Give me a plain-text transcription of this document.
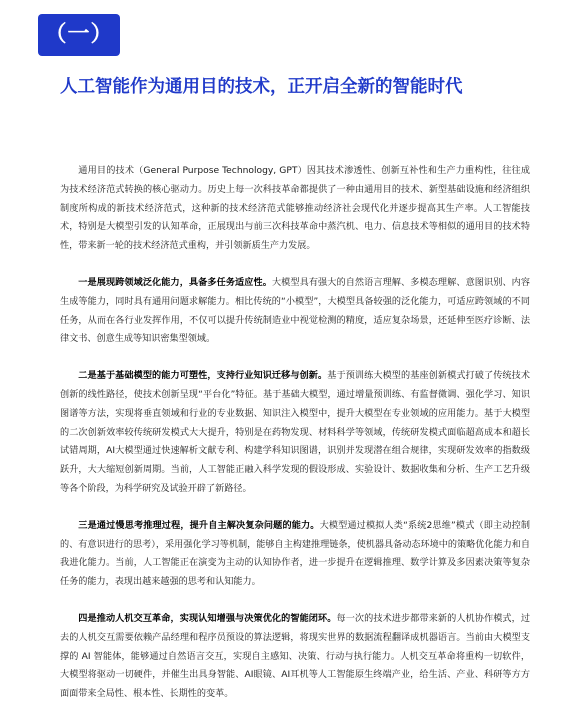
（一）
人工智能作为通用目的技术，正开启全新的智能时代

通用目的技术（General Purpose Technology, GPT）因其技术渗透性、创新互补性和生产力重构性，往往成为技术经济范式转换的核心驱动力。历史上每一次科技革命都提供了一种由通用目的技术、新型基础设施和经济组织制度所构成的新技术经济范式，这种新的技术经济范式能够推动经济社会现代化并逐步提高其生产率。人工智能技术，特别是大模型引发的认知革命，正展现出与前三次科技革命中蒸汽机、电力、信息技术等相似的通用目的技术特性，带来新一轮的技术经济范式重构，并引领新质生产力发展。

一是展现跨领域泛化能力，具备多任务适应性。大模型具有强大的自然语言理解、多模态理解、意图识别、内容生成等能力，同时具有通用问题求解能力。相比传统的“小模型”，大模型具备较强的泛化能力，可适应跨领域的不同任务，从而在各行业发挥作用，不仅可以提升传统制造业中视觉检测的精度，适应复杂场景，还延伸至医疗诊断、法律文书、创意生成等知识密集型领域。

二是基于基础模型的能力可塑性，支持行业知识迁移与创新。基于预训练大模型的基座创新模式打破了传统技术创新的线性路径，使技术创新呈现“平台化”特征。基于基础大模型，通过增量预训练、有监督微调、强化学习、知识图谱等方法，实现将垂直领域和行业的专业数据、知识注入模型中，提升大模型在专业领域的应用能力。基于大模型的二次创新效率较传统研发模式大大提升，特别是在药物发现、材料科学等领域，传统研发模式面临超高成本和超长试错周期，AI大模型通过快速解析文献专利、构建学科知识图谱，识别并发现潜在组合规律，实现研发效率的指数级跃升，大大缩短创新周期。当前，人工智能正融入科学发现的假设形成、实验设计、数据收集和分析、生产工艺升级等各个阶段，为科学研究及试验开辟了新路径。

三是通过慢思考推理过程，提升自主解决复杂问题的能力。大模型通过模拟人类“系统2思维”模式（即主动控制的、有意识进行的思考），采用强化学习等机制，能够自主构建推理链条，使机器具备动态环境中的策略优化能力和自我进化能力。当前，人工智能正在演变为主动的认知协作者，进一步提升在逻辑推理、数学计算及多因素决策等复杂任务的能力，表现出越来越强的思考和认知能力。

四是推动人机交互革命，实现认知增强与决策优化的智能闭环。每一次的技术进步都带来新的人机协作模式，过去的人机交互需要依赖产品经理和程序员预设的算法逻辑，将现实世界的数据流程翻译成机器语言。当前由大模型支撑的 AI 智能体，能够通过自然语言交互，实现自主感知、决策、行动与执行能力。人机交互革命将重构一切软件，大模型将驱动一切硬件，并催生出具身智能、AI眼镜、AI耳机等人工智能原生终端产业，给生活、产业、科研等方方面面带来全局性、根本性、长期性的变革。
